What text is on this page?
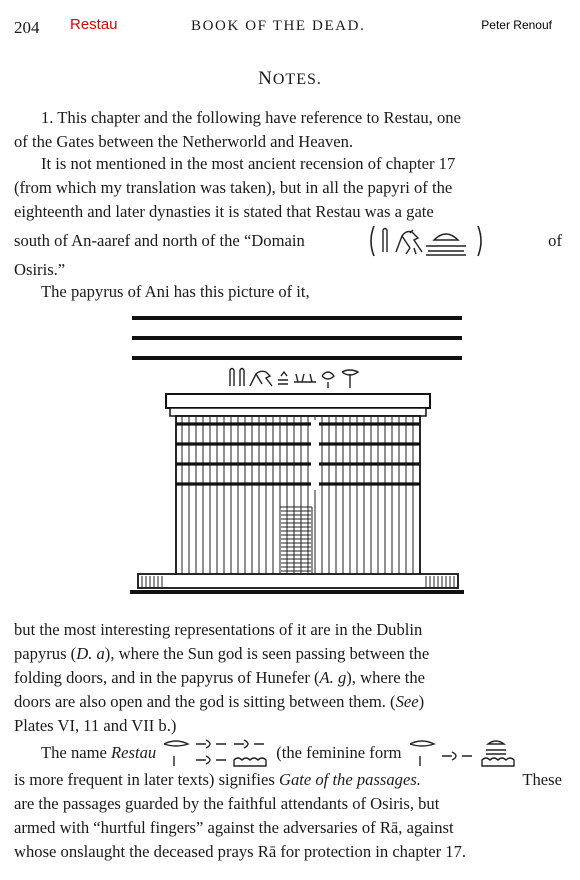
204 Restau	BOOK OF THE DEAD.	Peter Renouf
NOTES.
1. This chapter and the following have reference to Restau, one
of the Gates between the Netherworld and Heaven.
It is not mentioned in the most ancient recension of chapter 17
(from which my translation was taken), but in all the papyri of the
eighteenth and later dynasties it is stated that Restau was a gate
south of An-aaref and north of the “Domain	of
Osiris.”
The papyrus of Ani has this picture of it,
but the most interesting representations of it are in the Dublin
papyrus (D. a), where the Sun god is seen passing between the
folding doors, and in the papyrus of Hunefer (A. g), where the
doors are also open and the god is sitting between them. (See)
Plates VI, 11 and VII b.)
The name
Restau	(the feminine form
is more frequent in later texts) signifies Gate of the passages.	These
are the passages guarded by the faithful attendants of Osiris, but
armed with “hurtful fingers” against the adversaries of Rā, against
whose onslaught the deceased prays Rā for protection in chapter 17.
